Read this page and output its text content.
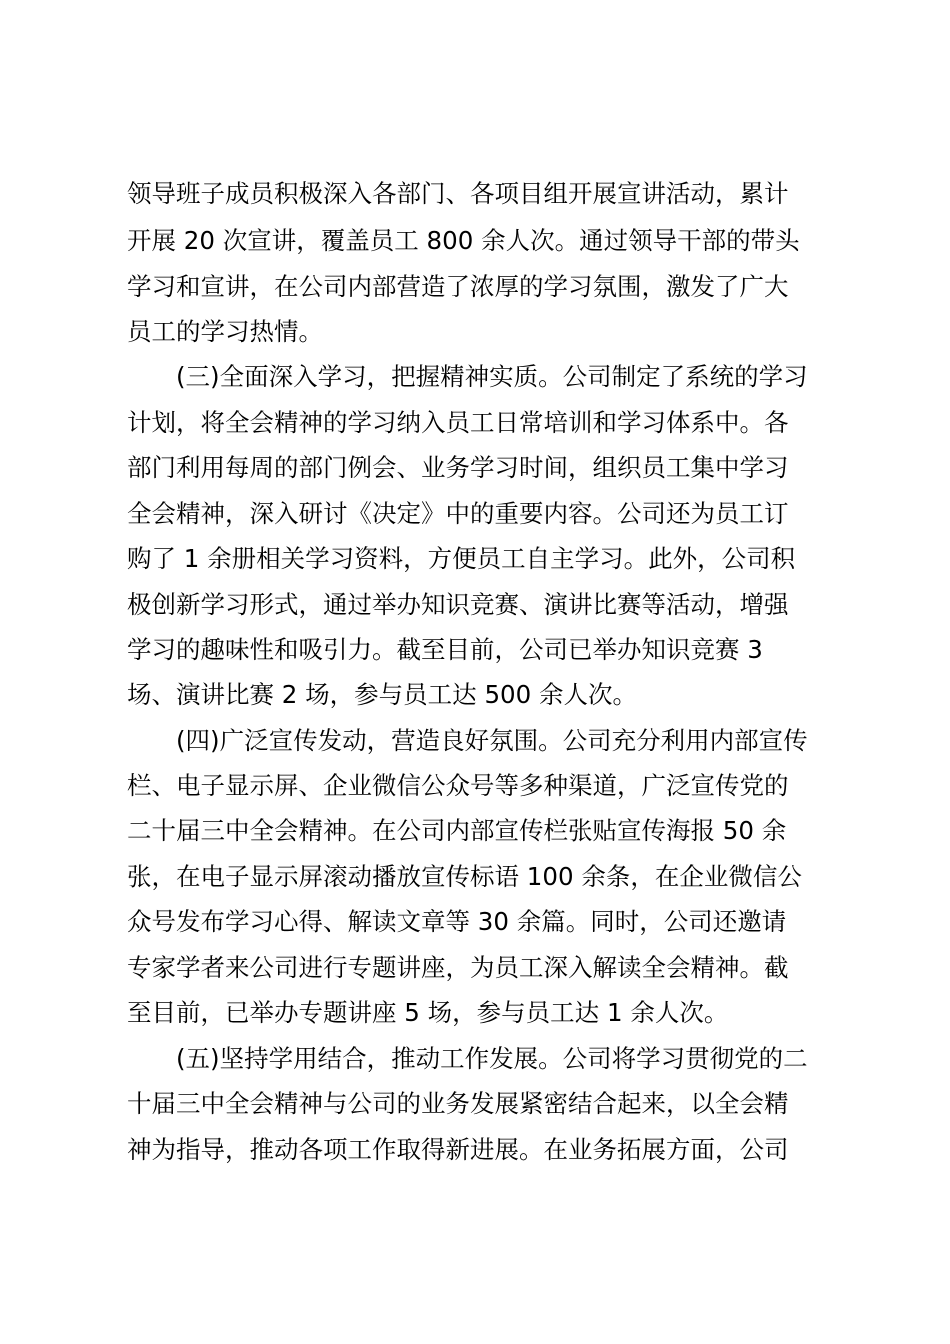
领导班子成员积极深入各部门、各项目组开展宣讲活动，累计
开展 20 次宣讲，覆盖员工 800 余人次。通过领导干部的带头
学习和宣讲，在公司内部营造了浓厚的学习氛围，激发了广大
员工的学习热情。
(三)全面深入学习，把握精神实质。公司制定了系统的学习
计划，将全会精神的学习纳入员工日常培训和学习体系中。各
部门利用每周的部门例会、业务学习时间，组织员工集中学习
全会精神，深入研讨《决定》中的重要内容。公司还为员工订
购了 1 余册相关学习资料，方便员工自主学习。此外，公司积
极创新学习形式，通过举办知识竞赛、演讲比赛等活动，增强
学习的趣味性和吸引力。截至目前，公司已举办知识竞赛 3
场、演讲比赛 2 场，参与员工达 500 余人次。
(四)广泛宣传发动，营造良好氛围。公司充分利用内部宣传
栏、电子显示屏、企业微信公众号等多种渠道，广泛宣传党的
二十届三中全会精神。在公司内部宣传栏张贴宣传海报 50 余
张，在电子显示屏滚动播放宣传标语 100 余条，在企业微信公
众号发布学习心得、解读文章等 30 余篇。同时，公司还邀请
专家学者来公司进行专题讲座，为员工深入解读全会精神。截
至目前，已举办专题讲座 5 场，参与员工达 1 余人次。
(五)坚持学用结合，推动工作发展。公司将学习贯彻党的二
十届三中全会精神与公司的业务发展紧密结合起来，以全会精
神为指导，推动各项工作取得新进展。在业务拓展方面，公司
